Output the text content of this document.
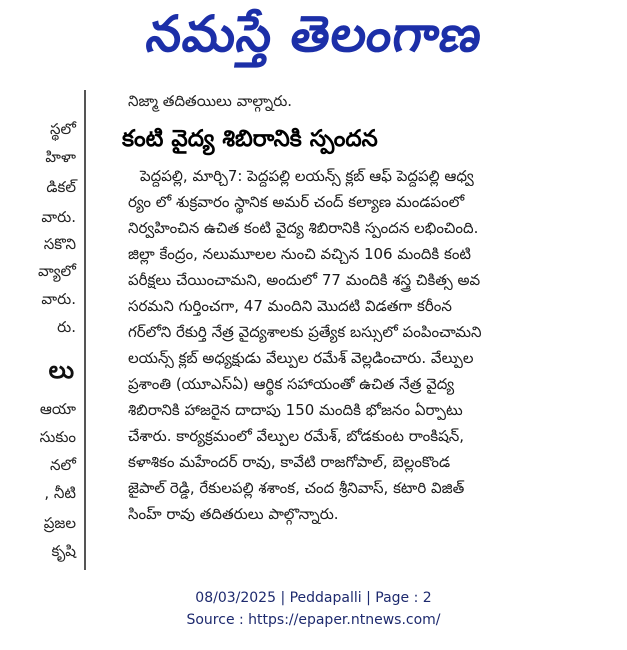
నమస్తే తెలంగాణ
స్థలో
హిళా
డికల్
వారు.
సకొని
వ్యాలో
వారు.
రు.
లు
ఆయా
సుకుం
నలో
, నీటి
ప్రజల
కృషి
నిజ్మా తదితయిలు వాల్గ్నారు.
కంటి వైద్య శిబిరానికి స్పందన
పెద్దపల్లి, మార్చి7: పెద్దపల్లి లయన్స్ క్లబ్ ఆఫ్ పెద్దపల్లి ఆధ్వ
ర్యం లో శుక్రవారం స్థానిక అమర్ చంద్ కల్యాణ మండపంలో
నిర్వహించిన ఉచిత కంటి వైద్య శిబిరానికి స్పందన లభించింది.
జిల్లా కేంద్రం, నలుమూలల నుంచి వచ్చిన 106 మందికి కంటి
పరీక్షలు చేయించామని, అందులో 77 మందికి శస్త్ర చికిత్స అవ
సరమని గుర్తించగా, 47 మందిని మొదటి విడతగా కరీంన
గర్‌లోని రేకుర్తి నేత్ర వైద్యశాలకు ప్రత్యేక బస్సులో పంపించామని
లయన్స్ క్లబ్ అధ్యక్షుడు వేల్పుల రమేశ్ వెల్లడించారు. వేల్పుల
ప్రశాంతి (యూఎస్‌ఏ) ఆర్థిక సహాయంతో ఉచిత నేత్ర వైద్య
శిబిరానికి హాజరైన దాదాపు 150 మందికి భోజనం ఏర్పాటు
చేశారు. కార్యక్రమంలో వేల్పుల రమేశ్, బోడకుంట రాంకిషన్,
కళాశికం మహేందర్ రావు, కావేటి రాజగోపాల్, బెల్లంకొండ
జైపాల్ రెడ్డి, రేకులపల్లి శశాంక, చంద శ్రీనివాస్, కటారి విజిత్
సింహ్ రావు తదితరులు పాల్గొన్నారు.
08/03/2025 | Peddapalli | Page : 2
Source : https://epaper.ntnews.com/
